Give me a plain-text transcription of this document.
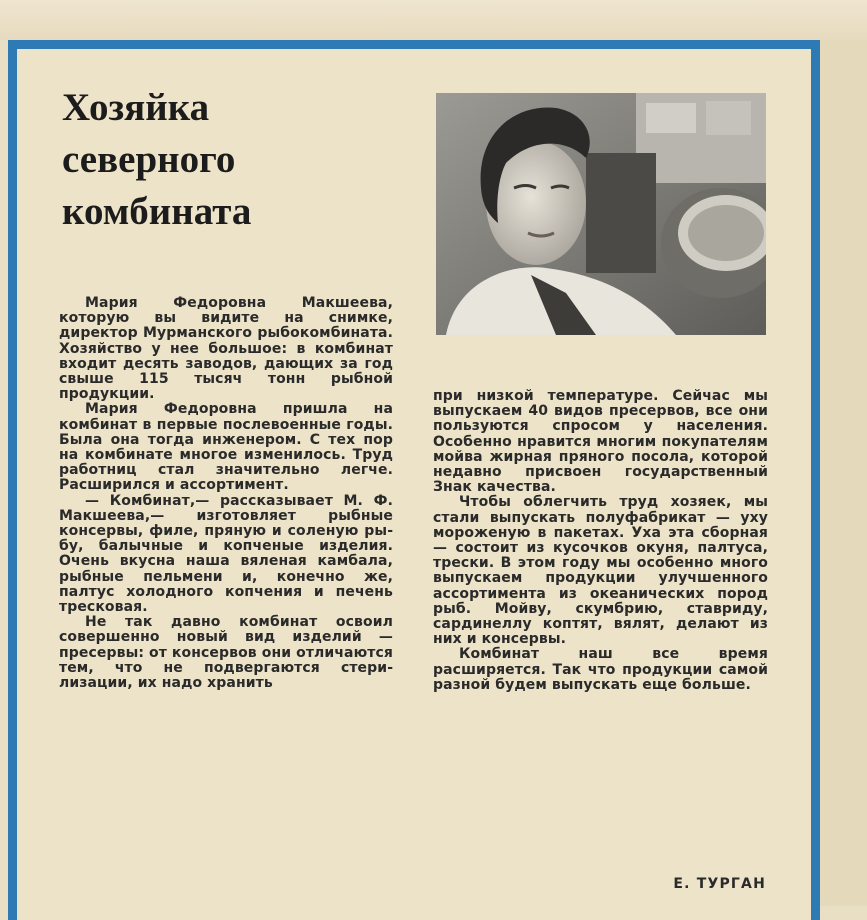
Хозяйка
северного
комбината

Мария Федоровна Макшеева, которую вы видите на снимке, директор Мурманского рыбокомбината. Хозяйство у нее большое: в комбинат входит десять заводов, дающих за год свыше 115 тысяч тонн рыбной продукции.

Мария Федоровна пришла на комбинат в первые послевоенные годы. Была она тогда инженером. С тех пор на комбинате многое изменилось. Труд работниц стал значительно легче. Расширился и ассортимент.

— Комбинат,— рассказывает М. Ф. Макшеева,— изготовляет рыбные консервы, филе, пряную и соленую рыбу, балычные и копченые изделия. Очень вкусна наша вяленая камбала, рыбные пельмени и, конечно же, палтус холодного копчения и печень тресковая.

Не так давно комбинат освоил совершенно новый вид изделий — пресервы: от консервов они отличаются тем, что не подвергаются стерилизации, их надо хранить

при низкой температуре. Сейчас мы выпускаем 40 видов пресервов, все они пользуются спросом у населения. Особенно нравится многим покупателям мойва жирная пряного посола, которой недавно присвоен государственный Знак качества.

Чтобы облегчить труд хозяек, мы стали выпускать полуфабрикат — уху мороженую в пакетах. Уха эта сборная — состоит из кусочков окуня, палтуса, трески. В этом году мы особенно много выпускаем продукции улучшенного ассортимента из океанических пород рыб. Мойву, скумбрию, ставриду, сардинеллу коптят, вялят, делают из них и консервы.

Комбинат наш все время расширяется. Так что продукции самой разной будем выпускать еще больше.

Е. ТУРГАН
